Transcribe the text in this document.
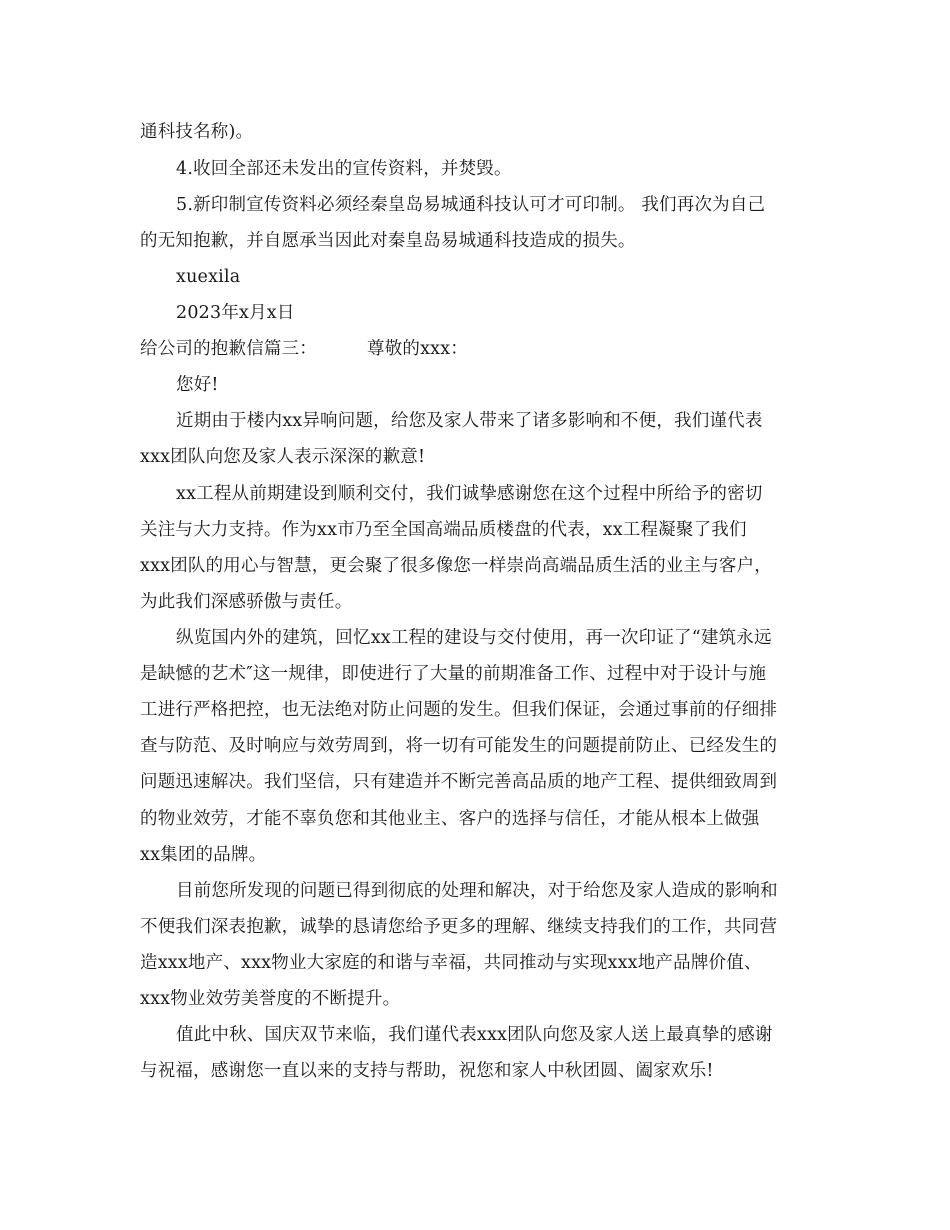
通科技名称)。
4.收回全部还未发出的宣传资料，并焚毁。
5.新印制宣传资料必须经秦皇岛易城通科技认可才可印制。 我们再次为自己
的无知抱歉，并自愿承当因此对秦皇岛易城通科技造成的损失。
xuexila
2023年x月x日
给公司的抱歉信篇三：	尊敬的xxx：
您好!
近期由于楼内xx异响问题，给您及家人带来了诸多影响和不便，我们谨代表
xxx团队向您及家人表示深深的歉意!
xx工程从前期建设到顺利交付，我们诚挚感谢您在这个过程中所给予的密切
关注与大力支持。作为xx市乃至全国高端品质楼盘的代表，xx工程凝聚了我们
xxx团队的用心与智慧，更会聚了很多像您一样崇尚高端品质生活的业主与客户，
为此我们深感骄傲与责任。
纵览国内外的建筑，回忆xx工程的建设与交付使用，再一次印证了“建筑永远
是缺憾的艺术″这一规律，即使进行了大量的前期准备工作、过程中对于设计与施
工进行严格把控，也无法绝对防止问题的发生。但我们保证，会通过事前的仔细排
查与防范、及时响应与效劳周到，将一切有可能发生的问题提前防止、已经发生的
问题迅速解决。我们坚信，只有建造并不断完善高品质的地产工程、提供细致周到
的物业效劳，才能不辜负您和其他业主、客户的选择与信任，才能从根本上做强
xx集团的品牌。
目前您所发现的问题已得到彻底的处理和解决，对于给您及家人造成的影响和
不便我们深表抱歉，诚挚的恳请您给予更多的理解、继续支持我们的工作，共同营
造xxx地产、xxx物业大家庭的和谐与幸福，共同推动与实现xxx地产品牌价值、
xxx物业效劳美誉度的不断提升。
值此中秋、国庆双节来临，我们谨代表xxx团队向您及家人送上最真挚的感谢
与祝福，感谢您一直以来的支持与帮助，祝您和家人中秋团圆、阖家欢乐!
